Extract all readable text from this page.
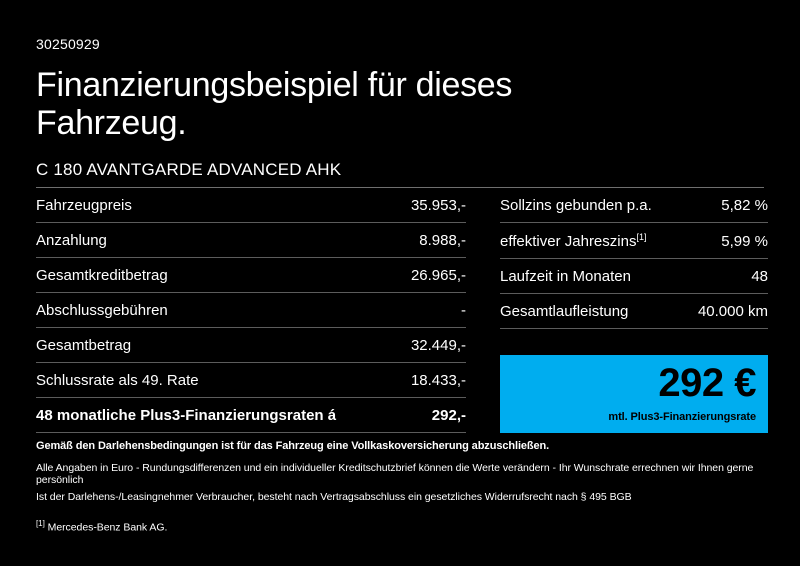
30250929
Finanzierungsbeispiel für dieses Fahrzeug.
C 180 AVANTGARDE ADVANCED AHK
Fahrzeugpreis	35.953,-
Anzahlung	8.988,-
Gesamtkreditbetrag	26.965,-
Abschlussgebühren	-
Gesamtbetrag	32.449,-
Schlussrate als 49. Rate	18.433,-
48 monatliche Plus3-Finanzierungsraten á	292,-
Sollzins gebunden p.a.	5,82 %
effektiver Jahreszins[1]	5,99 %
Laufzeit in Monaten	48
Gesamtlaufleistung	40.000 km
292 €
mtl. Plus3-Finanzierungsrate
Gemäß den Darlehensbedingungen ist für das Fahrzeug eine Vollkaskoversicherung abzuschließen.
Alle Angaben in Euro - Rundungsdifferenzen und ein individueller Kreditschutzbrief können die Werte verändern - Ihr Wunschrate errechnen wir Ihnen gerne persönlich
Ist der Darlehens-/Leasingnehmer Verbraucher, besteht nach Vertragsabschluss ein gesetzliches Widerrufsrecht nach § 495 BGB
[1] Mercedes-Benz Bank AG.
